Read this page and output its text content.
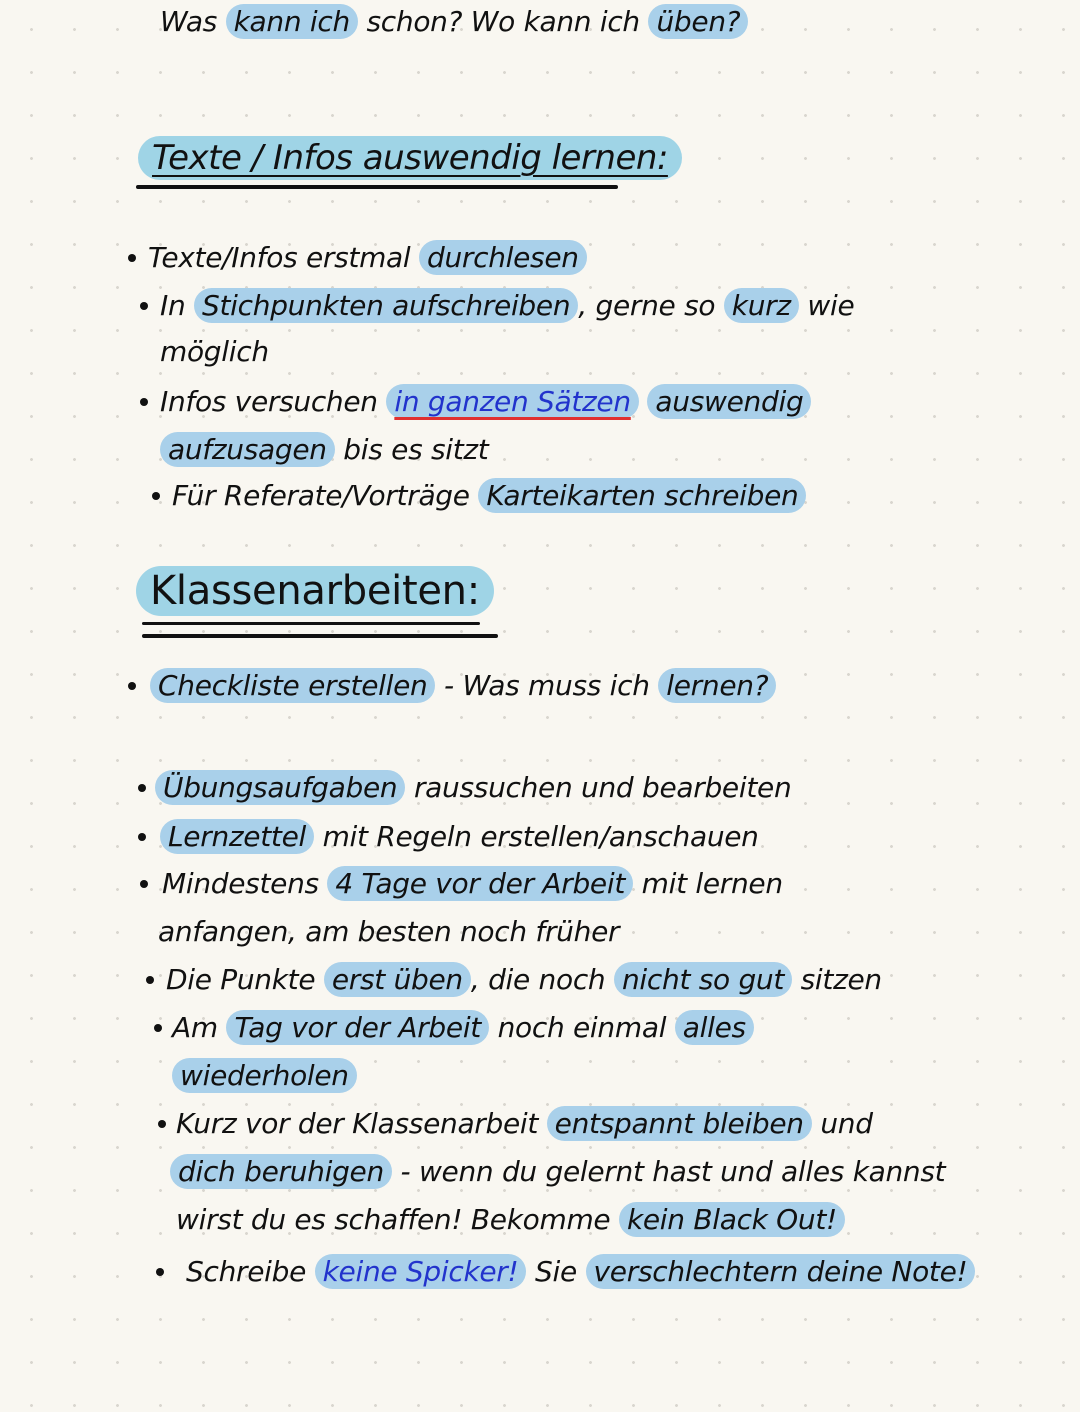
Texte / Infos auswendig lernen:
Texte/Infos erstmal durchlesen
In Stichpunkten aufschreiben , gerne so kurz wie
möglich
Infos versuchen in ganzen Sätzen auswendig
aufzusagen bis es sitzt
Für Referate/Vorträge Karteikarten schreiben
Klassenarbeiten:
Checkliste erstellen - Was muss ich lernen?
Was kann ich schon? Wo kann ich üben?
Übungsaufgaben raussuchen und bearbeiten
Lernzettel mit Regeln erstellen/anschauen
Mindestens 4 Tage vor der Arbeit mit lernen
anfangen, am besten noch früher
Die Punkte erst üben , die noch nicht so gut sitzen
Am Tag vor der Arbeit noch einmal alles
wiederholen
Kurz vor der Klassenarbeit entspannt bleiben und
dich beruhigen - wenn du gelernt hast und alles kannst
wirst du es schaffen! Bekomme kein Black Out!
Schreibe keine Spicker! Sie verschlechtern deine Note!
